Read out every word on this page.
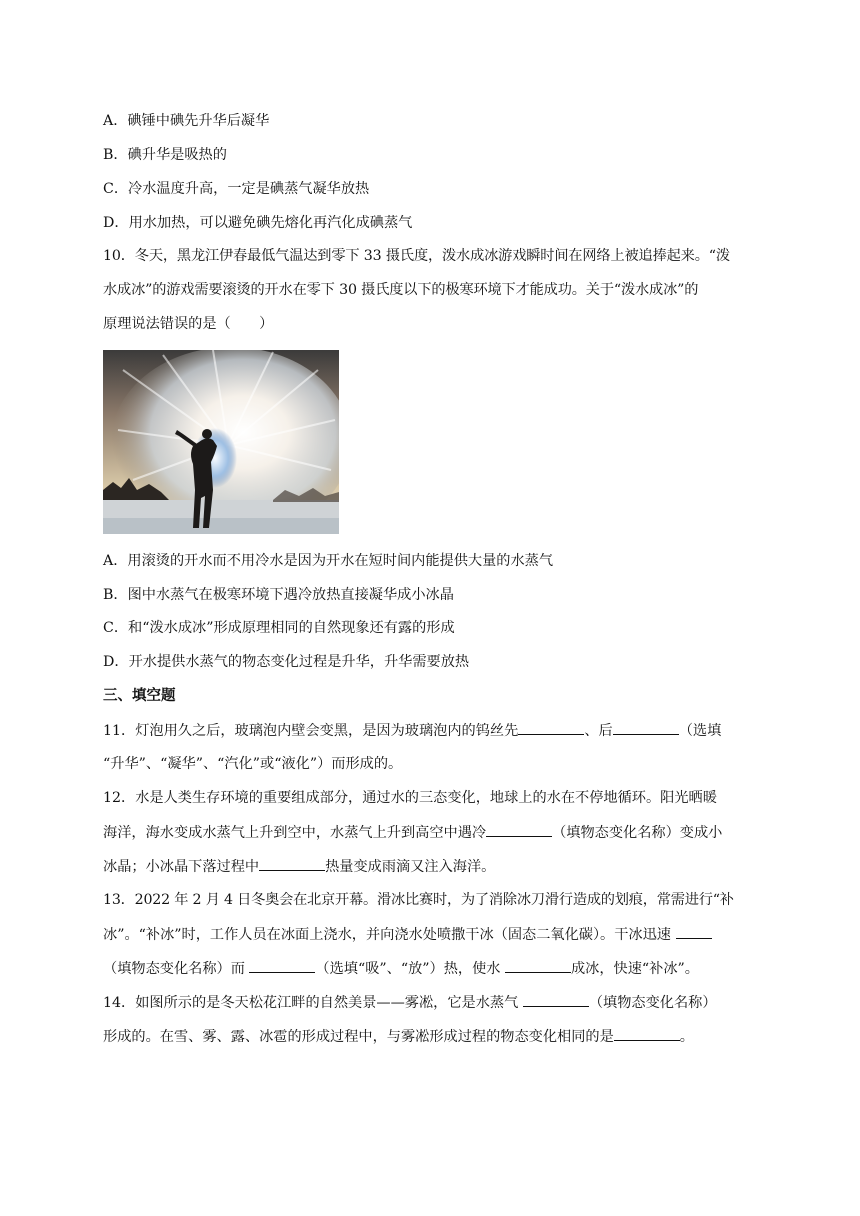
A．碘锤中碘先升华后凝华
B．碘升华是吸热的
C．冷水温度升高，一定是碘蒸气凝华放热
D．用水加热，可以避免碘先熔化再汽化成碘蒸气
10．冬天，黑龙江伊春最低气温达到零下 33 摄氏度，泼水成冰游戏瞬时间在网络上被追捧起来。“泼
水成冰”的游戏需要滚烫的开水在零下 30 摄氏度以下的极寒环境下才能成功。关于“泼水成冰”的
原理说法错误的是（　　）
A．用滚烫的开水而不用冷水是因为开水在短时间内能提供大量的水蒸气
B．图中水蒸气在极寒环境下遇冷放热直接凝华成小冰晶
C．和“泼水成冰”形成原理相同的自然现象还有露的形成
D．开水提供水蒸气的物态变化过程是升华，升华需要放热
三、填空题
11．灯泡用久之后，玻璃泡内壁会变黑，是因为玻璃泡内的钨丝先	、后	（选填
“升华”、“凝华”、“汽化”或“液化”）而形成的。
12．水是人类生存环境的重要组成部分，通过水的三态变化，地球上的水在不停地循环。阳光晒暖
海洋，海水变成水蒸气上升到空中，水蒸气上升到高空中遇冷	（填物态变化名称）变成小
冰晶；小冰晶下落过程中	热量变成雨滴又注入海洋。
13．2022 年 2 月 4 日冬奥会在北京开幕。滑冰比赛时，为了消除冰刀滑行造成的划痕，常需进行“补
冰”。“补冰”时，工作人员在冰面上浇水，并向浇水处喷撒干冰（固态二氧化碳）。干冰迅速
（填物态变化名称）而	（选填“吸”、“放”）热，使水	成冰，快速“补冰”。
14．如图所示的是冬天松花江畔的自然美景——雾凇，它是水蒸气	（填物态变化名称）
形成的。在雪、雾、露、冰雹的形成过程中，与雾凇形成过程的物态变化相同的是	。
